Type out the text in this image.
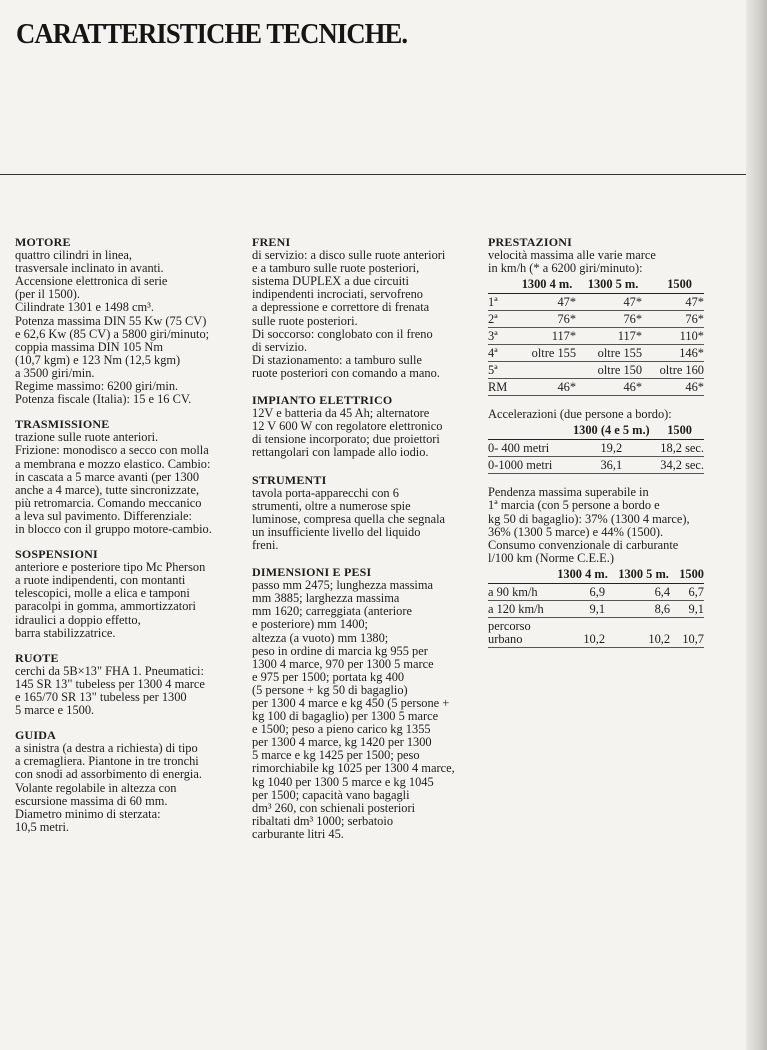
CARATTERISTICHE TECNICHE.
MOTORE
quattro cilindri in linea,
trasversale inclinato in avanti.
Accensione elettronica di serie
(per il 1500).
Cilindrate 1301 e 1498 cm³.
Potenza massima DIN 55 Kw (75 CV)
e 62,6 Kw (85 CV) a 5800 giri/minuto;
coppia massima DIN 105 Nm
(10,7 kgm) e 123 Nm (12,5 kgm)
a 3500 giri/min.
Regime massimo: 6200 giri/min.
Potenza fiscale (Italia): 15 e 16 CV.
TRASMISSIONE
trazione sulle ruote anteriori.
Frizione: monodisco a secco con molla
a membrana e mozzo elastico. Cambio:
in cascata a 5 marce avanti (per 1300
anche a 4 marce), tutte sincronizzate,
più retromarcia. Comando meccanico
a leva sul pavimento. Differenziale:
in blocco con il gruppo motore-cambio.
SOSPENSIONI
anteriore e posteriore tipo Mc Pherson
a ruote indipendenti, con montanti
telescopici, molle a elica e tamponi
paracolpi in gomma, ammortizzatori
idraulici a doppio effetto,
barra stabilizzatrice.
RUOTE
cerchi da 5B×13" FHA 1. Pneumatici:
145 SR 13" tubeless per 1300 4 marce
e 165/70 SR 13" tubeless per 1300
5 marce e 1500.
GUIDA
a sinistra (a destra a richiesta) di tipo
a cremagliera. Piantone in tre tronchi
con snodi ad assorbimento di energia.
Volante regolabile in altezza con
escursione massima di 60 mm.
Diametro minimo di sterzata:
10,5 metri.
FRENI
di servizio: a disco sulle ruote anteriori
e a tamburo sulle ruote posteriori,
sistema DUPLEX a due circuiti
indipendenti incrociati, servofreno
a depressione e correttore di frenata
sulle ruote posteriori.
Di soccorso: conglobato con il freno
di servizio.
Di stazionamento: a tamburo sulle
ruote posteriori con comando a mano.
IMPIANTO ELETTRICO
12V e batteria da 45 Ah; alternatore
12 V 600 W con regolatore elettronico
di tensione incorporato; due proiettori
rettangolari con lampade allo iodio.
STRUMENTI
tavola porta-apparecchi con 6
strumenti, oltre a numerose spie
luminose, compresa quella che segnala
un insufficiente livello del liquido
freni.
DIMENSIONI E PESI
passo mm 2475; lunghezza massima
mm 3885; larghezza massima
mm 1620; carreggiata (anteriore
e posteriore) mm 1400;
altezza (a vuoto) mm 1380;
peso in ordine di marcia kg 955 per
1300 4 marce, 970 per 1300 5 marce
e 975 per 1500; portata kg 400
(5 persone + kg 50 di bagaglio)
per 1300 4 marce e kg 450 (5 persone +
kg 100 di bagaglio) per 1300 5 marce
e 1500; peso a pieno carico kg 1355
per 1300 4 marce, kg 1420 per 1300
5 marce e kg 1425 per 1500; peso
rimorchiabile kg 1025 per 1300 4 marce,
kg 1040 per 1300 5 marce e kg 1045
per 1500; capacità vano bagagli
dm³ 260, con schienali posteriori
ribaltati dm³ 1000; serbatoio
carburante litri 45.
PRESTAZIONI
velocità massima alle varie marce
in km/h (* a 6200 giri/minuto):
	1300 4 m.	1300 5 m.	1500
1ª	47*	47*	47*
2ª	76*	76*	76*
3ª	117*	117*	110*
4ª	oltre 155	oltre 155	146*
5ª		oltre 150	oltre 160
RM	46*	46*	46*
Accelerazioni (due persone a bordo):
	1300 (4 e 5 m.)	1500
0- 400 metri	19,2	18,2 sec.
0-1000 metri	36,1	34,2 sec.
Pendenza massima superabile in
1ª marcia (con 5 persone a bordo e
kg 50 di bagaglio): 37% (1300 4 marce),
36% (1300 5 marce) e 44% (1500).
Consumo convenzionale di carburante
l/100 km (Norme C.E.E.)
	1300 4 m.	1300 5 m.	1500
a 90 km/h	6,9	6,4	6,7
a 120 km/h	9,1	8,6	9,1

percorso
urbano	10,2	10,2	10,7
